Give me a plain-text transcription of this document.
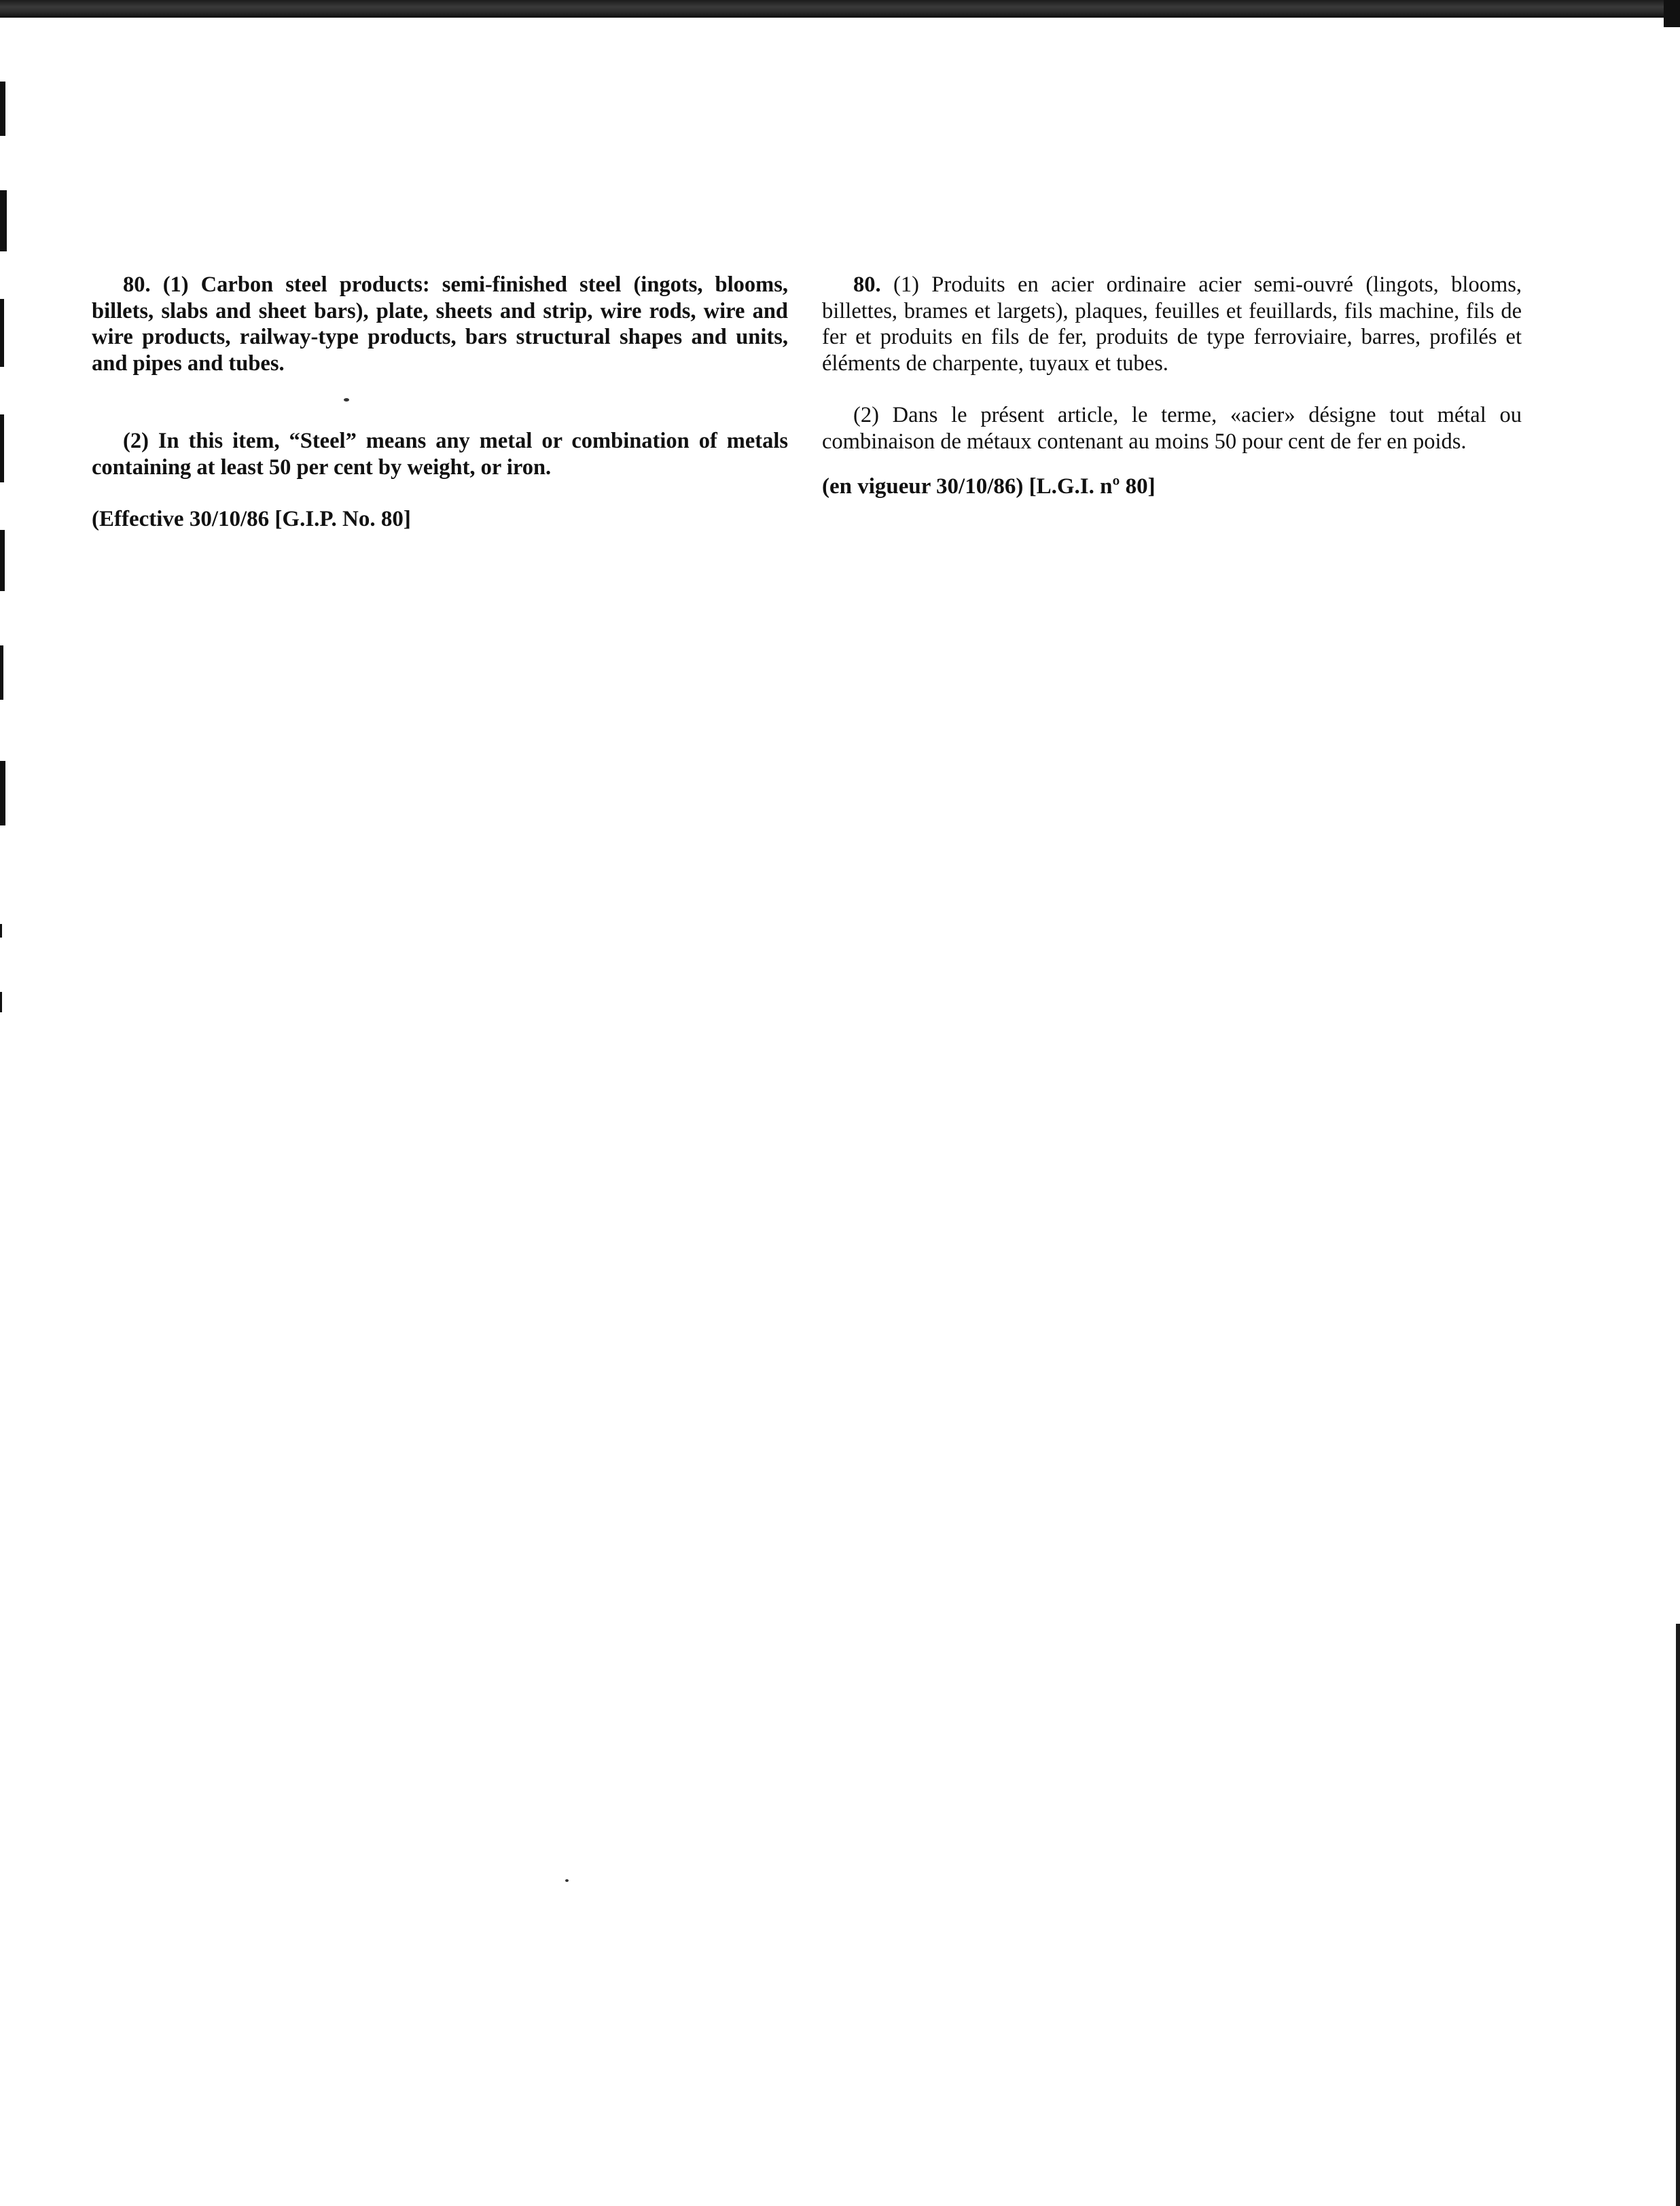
80. (1) Carbon steel products: semi-finished steel (ingots, blooms, billets, slabs and sheet bars), plate, sheets and strip, wire rods, wire and wire products, railway-type products, bars structural shapes and units, and pipes and tubes.

(2) In this item, “Steel” means any metal or combination of metals containing at least 50 per cent by weight, or iron.

(Effective 30/10/86 [G.I.P. No. 80]

80. (1) Produits en acier ordinaire acier semi-ouvré (lingots, blooms, billettes, brames et largets), plaques, feuilles et feuillards, fils machine, fils de fer et produits en fils de fer, produits de type ferroviaire, barres, profilés et éléments de charpente, tuyaux et tubes.

(2) Dans le présent article, le terme, «acier» désigne tout métal ou combinaison de métaux contenant au moins 50 pour cent de fer en poids.

(en vigueur 30/10/86) [L.G.I. nº 80]
